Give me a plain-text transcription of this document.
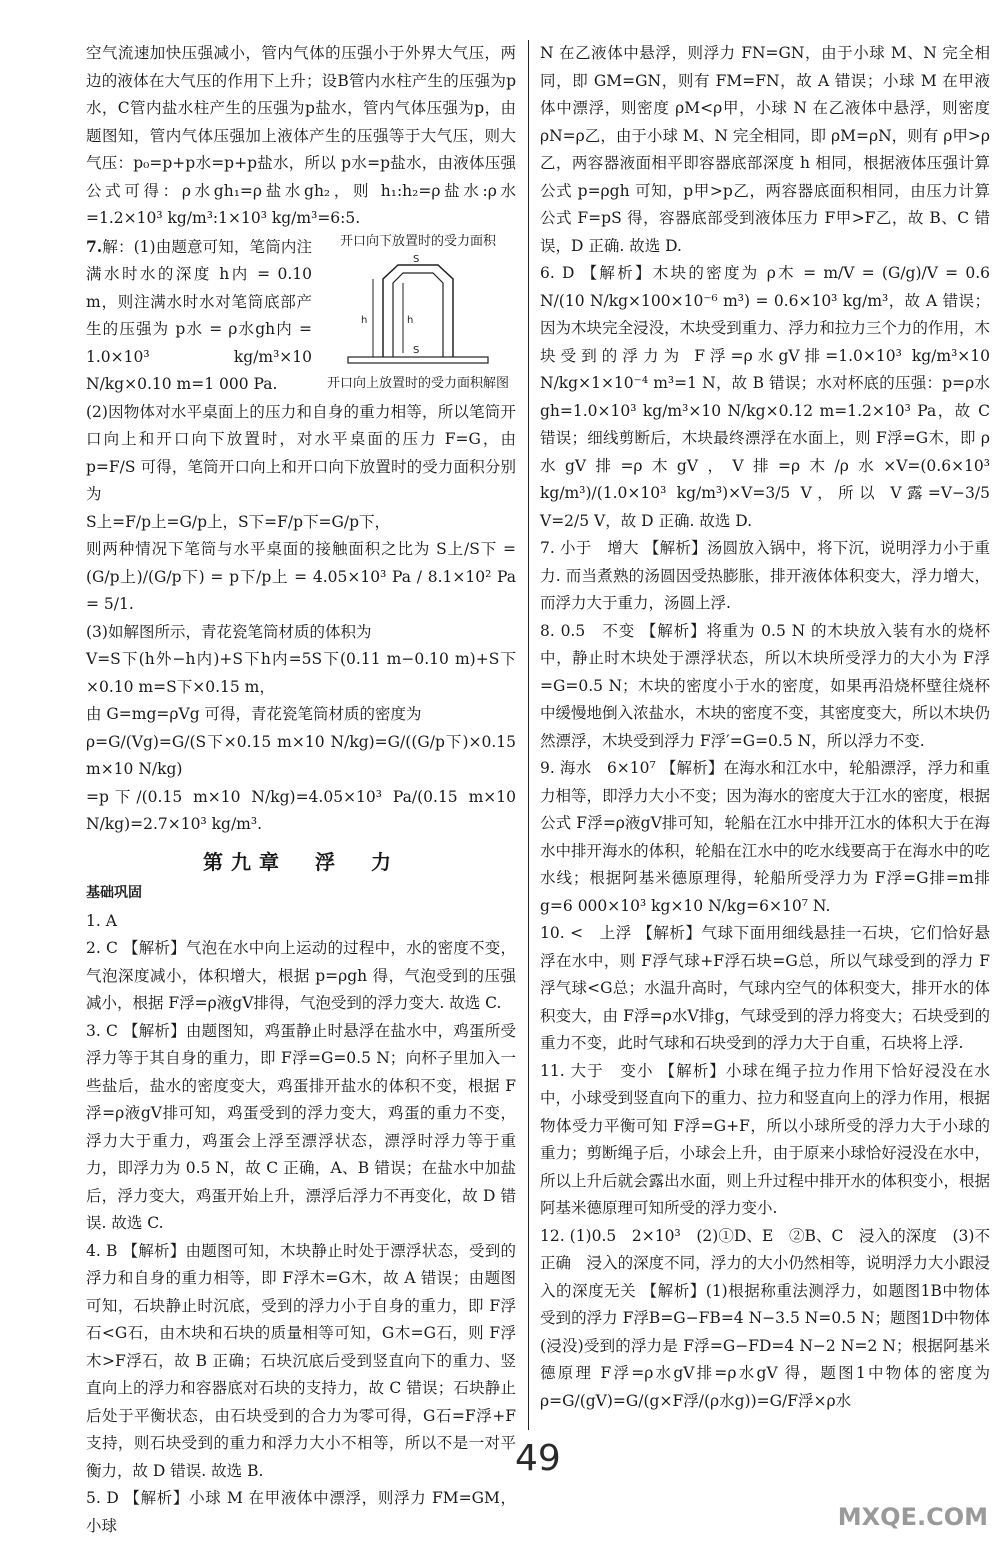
空气流速加快压强减小，管内气体的压强小于外界大气压，两边的液体在大气压的作用下上升；设B管内水柱产生的压强为p水，C管内盐水柱产生的压强为p盐水，管内气体压强为p，由题图知，管内气体压强加上液体产生的压强等于大气压，则大气压：p₀=p+p水=p+p盐水，所以 p水=p盐水，由液体压强公式可得：ρ水gh₁=ρ盐水gh₂，则 h₁:h₂=ρ盐水:ρ水=1.2×10³ kg/m³:1×10³ kg/m³=6:5.

开口向下放置时的受力面积
h	h
S
S
开口向上放置时的受力面积解图

7.解：(1)由题意可知，笔筒内注满水时水的深度 h内 = 0.10 m，则注满水时水对笔筒底部产生的压强为 p水 = ρ水gh内 = 1.0×10³ kg/m³×10 N/kg×0.10 m=1 000 Pa.

(2)因物体对水平桌面上的压力和自身的重力相等，所以笔筒开口向上和开口向下放置时，对水平桌面的压力 F=G，由 p=F/S 可得，笔筒开口向上和开口向下放置时的受力面积分别为

S上=F/p上=G/p上，S下=F/p下=G/p下，

则两种情况下笔筒与水平桌面的接触面积之比为 S上/S下 = (G/p上)/(G/p下) = p下/p上 = 4.05×10³ Pa / 8.1×10² Pa = 5/1.

(3)如解图所示，青花瓷笔筒材质的体积为

V=S下(h外−h内)+S下h内=5S下(0.11 m−0.10 m)+S下×0.10 m=S下×0.15 m，

由 G=mg=ρVg 可得，青花瓷笔筒材质的密度为

ρ=G/(Vg)=G/(S下×0.15 m×10 N/kg)=G/((G/p下)×0.15 m×10 N/kg)

=p下/(0.15 m×10 N/kg)=4.05×10³ Pa/(0.15 m×10 N/kg)=2.7×10³ kg/m³.

第九章　浮　力
基础巩固

1. A

2. C 【解析】气泡在水中向上运动的过程中，水的密度不变，气泡深度减小，体积增大，根据 p=ρgh 得，气泡受到的压强减小，根据 F浮=ρ液gV排得，气泡受到的浮力变大. 故选 C.

3. C 【解析】由题图知，鸡蛋静止时悬浮在盐水中，鸡蛋所受浮力等于其自身的重力，即 F浮=G=0.5 N；向杯子里加入一些盐后，盐水的密度变大，鸡蛋排开盐水的体积不变，根据 F浮=ρ液gV排可知，鸡蛋受到的浮力变大，鸡蛋的重力不变，浮力大于重力，鸡蛋会上浮至漂浮状态，漂浮时浮力等于重力，即浮力为 0.5 N，故 C 正确，A、B 错误；在盐水中加盐后，浮力变大，鸡蛋开始上升，漂浮后浮力不再变化，故 D 错误. 故选 C.

4. B 【解析】由题图可知，木块静止时处于漂浮状态，受到的浮力和自身的重力相等，即 F浮木=G木，故 A 错误；由题图可知，石块静止时沉底，受到的浮力小于自身的重力，即 F浮石<G石，由木块和石块的质量相等可知，G木=G石，则 F浮木>F浮石，故 B 正确；石块沉底后受到竖直向下的重力、竖直向上的浮力和容器底对石块的支持力，故 C 错误；石块静止后处于平衡状态，由石块受到的合力为零可得，G石=F浮+F支持，则石块受到的重力和浮力大小不相等，所以不是一对平衡力，故 D 错误. 故选 B.

5. D 【解析】小球 M 在甲液体中漂浮，则浮力 FM=GM，小球

N 在乙液体中悬浮，则浮力 FN=GN，由于小球 M、N 完全相同，即 GM=GN，则有 FM=FN，故 A 错误；小球 M 在甲液体中漂浮，则密度 ρM<ρ甲，小球 N 在乙液体中悬浮，则密度 ρN=ρ乙，由于小球 M、N 完全相同，即 ρM=ρN，则有 ρ甲>ρ乙，两容器液面相平即容器底部深度 h 相同，根据液体压强计算公式 p=ρgh 可知，p甲>p乙，两容器底面积相同，由压力计算公式 F=pS 得，容器底部受到液体压力 F甲>F乙，故 B、C 错误，D 正确. 故选 D.

6. D 【解析】木块的密度为 ρ木 = m/V = (G/g)/V = 0.6 N/(10 N/kg×100×10⁻⁶ m³) = 0.6×10³ kg/m³，故 A 错误；因为木块完全浸没，木块受到重力、浮力和拉力三个力的作用，木块受到的浮力为 F浮=ρ水gV排=1.0×10³ kg/m³×10 N/kg×1×10⁻⁴ m³=1 N，故 B 错误；水对杯底的压强：p=ρ水gh=1.0×10³ kg/m³×10 N/kg×0.12 m=1.2×10³ Pa，故 C 错误；细线剪断后，木块最终漂浮在水面上，则 F浮=G木，即 ρ水gV排=ρ木gV，V排=ρ木/ρ水×V=(0.6×10³ kg/m³)/(1.0×10³ kg/m³)×V=3/5 V，所以 V露=V−3/5 V=2/5 V，故 D 正确. 故选 D.

7. 小于　增大 【解析】汤圆放入锅中，将下沉，说明浮力小于重力. 而当煮熟的汤圆因受热膨胀，排开液体体积变大，浮力增大，而浮力大于重力，汤圆上浮.

8. 0.5　不变 【解析】将重为 0.5 N 的木块放入装有水的烧杯中，静止时木块处于漂浮状态，所以木块所受浮力的大小为 F浮=G=0.5 N；木块的密度小于水的密度，如果再沿烧杯壁往烧杯中缓慢地倒入浓盐水，木块的密度不变，其密度变大，所以木块仍然漂浮，木块受到浮力 F浮′=G=0.5 N，所以浮力不变.

9. 海水　6×10⁷ 【解析】在海水和江水中，轮船漂浮，浮力和重力相等，即浮力大小不变；因为海水的密度大于江水的密度，根据公式 F浮=ρ液gV排可知，轮船在江水中排开江水的体积大于在海水中排开海水的体积，轮船在江水中的吃水线要高于在海水中的吃水线；根据阿基米德原理得，轮船所受浮力为 F浮=G排=m排g=6 000×10³ kg×10 N/kg=6×10⁷ N.

10. <　上浮 【解析】气球下面用细线悬挂一石块，它们恰好悬浮在水中，则 F浮气球+F浮石块=G总，所以气球受到的浮力 F浮气球<G总；水温升高时，气球内空气的体积变大，排开水的体积变大，由 F浮=ρ水V排g，气球受到的浮力将变大；石块受到的重力不变，此时气球和石块受到的浮力大于自重，石块将上浮.

11. 大于　变小 【解析】小球在绳子拉力作用下恰好浸没在水中，小球受到竖直向下的重力、拉力和竖直向上的浮力作用，根据物体受力平衡可知 F浮=G+F，所以小球所受的浮力大于小球的重力；剪断绳子后，小球会上升，由于原来小球恰好浸没在水中，所以上升后就会露出水面，则上升过程中排开水的体积变小，根据阿基米德原理可知所受的浮力变小.

12. (1)0.5　2×10³　(2)①D、E　②B、C　浸入的深度　(3)不正确　浸入的深度不同，浮力的大小仍然相等，说明浮力大小跟浸入的深度无关 【解析】(1)根据称重法测浮力，如题图1B中物体受到的浮力 F浮B=G−FB=4 N−3.5 N=0.5 N；题图1D中物体(浸没)受到的浮力是 F浮=G−FD=4 N−2 N=2 N；根据阿基米德原理 F浮=ρ水gV排=ρ水gV 得，题图1中物体的密度为 ρ=G/(gV)=G/(g×F浮/(ρ水g))=G/F浮×ρ水

49
MXQE.COM
